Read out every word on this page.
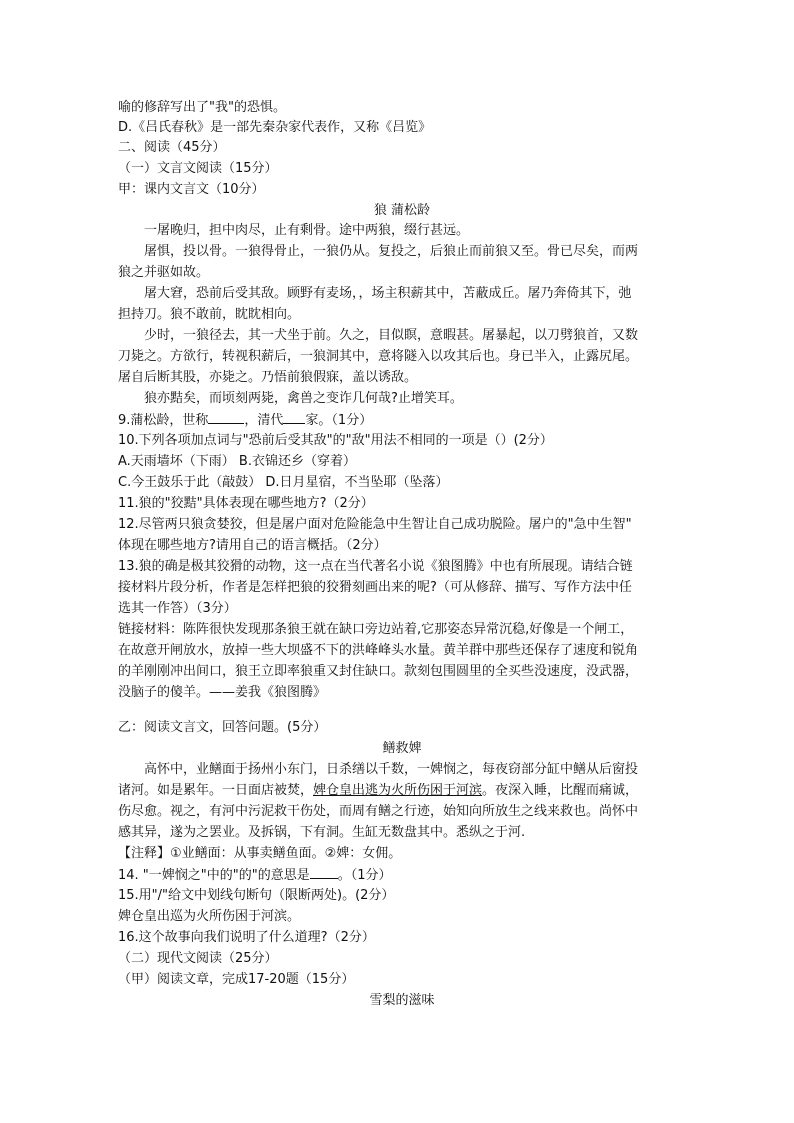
喻的修辞写出了"我"的恐惧。
D.《吕氏春秋》是一部先秦杂家代表作，又称《吕览》
二、阅读（45分）
（一）文言文阅读（15分）
甲：课内文言文（10分）
狼 蒲松龄
一屠晚归，担中肉尽，止有剩骨。途中两狼，缀行甚远。
屠惧，投以骨。一狼得骨止，一狼仍从。复投之，后狼止而前狼又至。骨已尽矣，而两
狼之并驱如故。
屠大窘，恐前后受其敌。顾野有麦场，，场主积薪其中，苫蔽成丘。屠乃奔倚其下，弛
担持刀。狼不敢前，眈眈相向。
少时，一狼径去，其一犬坐于前。久之，目似瞑，意暇甚。屠暴起，以刀劈狼首，又数
刀毙之。方欲行，转视积薪后，一狼洞其中，意将隧入以攻其后也。身已半入，止露尻尾。
屠自后断其股，亦毙之。乃悟前狼假寐，盖以诱敌。
狼亦黠矣，而顷刻两毙，禽兽之变诈几何哉?止增笑耳。
9.蒲松龄，世称	，清代 家。（1分）
10.下列各项加点词与"恐前后受其敌"的"敌"用法不相同的一项是（）(2分）
A.天雨墙坏（下雨） B.衣锦还乡（穿着）
C.今王鼓乐于此（敲鼓） D.日月星宿，不当坠耶（坠落）
11.狼的"狡黠"具体表现在哪些地方?（2分）
12.尽管两只狼贪婪狡，但是屠户面对危险能急中生智让自己成功脱险。屠户的"急中生智"
体现在哪些地方?请用自己的语言概括。（2分）
13.狼的确是极其狡猾的动物，这一点在当代著名小说《狼图腾》中也有所展现。请结合链
接材料片段分析，作者是怎样把狼的狡猾刻画出来的呢?（可从修辞、描写、写作方法中任
选其一作答）（3分）
链接材料：陈阵很快发现那条狼王就在缺口旁边站着,它那姿态异常沉稳,好像是一个闸工，
在故意开闸放水，放掉一些大坝盛不下的洪峰峰头水量。黄羊群中那些还保存了速度和锐角
的羊刚刚冲出间口，狼王立即率狼重又封住缺口。款刻包围圆里的全买些没速度，没武器，
没脑子的傻羊。——姜我《狼图腾》
乙：阅读文言文，回答问题。(5分）
鳝救婢
高怀中，业鳝面于扬州小东门，日杀缮以千数，一婢悯之，每夜窃部分缸中鳝从后窗投
诸河。如是累年。一日面店被焚，婢仓皇出逃为火所伤困于河滨。夜深入睡，比醒而痛诚，
伤尽愈。视之，有河中污泥救干伤处，而周有鳝之行迹，始知向所放生之线来救也。尚怀中
感其异，遂为之罢业。及拆锅，下有洞。生缸无数盘其中。悉纵之于河.
【注释】①业鳝面：从事卖鳝鱼面。②婢：女佣。
14. "一婢悯之"中的"的"的意思是 。（1分）
15.用"/"给文中划线句断句（限断两处)。(2分）
婢仓皇出巡为火所伤困于河滨。
16.这个故事向我们说明了什么道理?（2分）
（二）现代文阅读（25分）
（甲）阅读文章，完成17-20题（15分）
雪梨的滋味
